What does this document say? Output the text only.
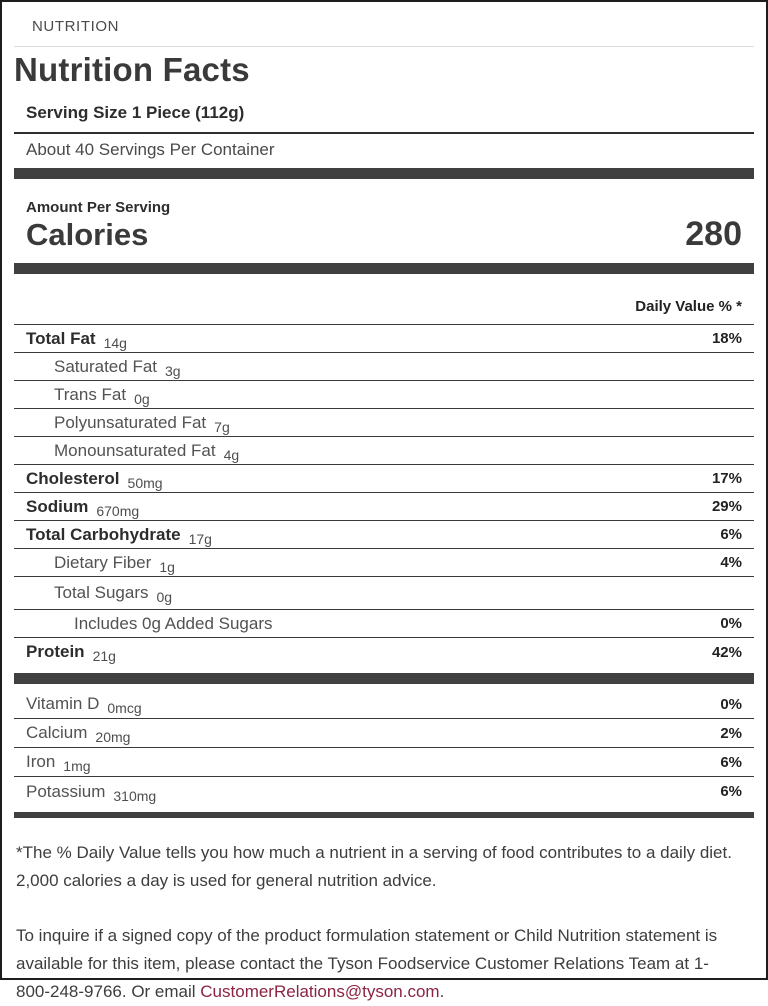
NUTRITION
Nutrition Facts
Serving Size 1 Piece (112g)
About 40 Servings Per Container
Amount Per Serving
Calories	280
Daily Value % *
Total Fat 14g	18%
Saturated Fat 3g
Trans Fat 0g
Polyunsaturated Fat 7g
Monounsaturated Fat 4g
Cholesterol 50mg	17%
Sodium 670mg	29%
Total Carbohydrate 17g	6%
Dietary Fiber 1g	4%
Total Sugars 0g
Includes 0g Added Sugars	0%
Protein 21g	42%
Vitamin D 0mcg	0%
Calcium 20mg	2%
Iron 1mg	6%
Potassium 310mg	6%

*The % Daily Value tells you how much a nutrient in a serving of food contributes to a daily diet. 2,000 calories a day is used for general nutrition advice.

To inquire if a signed copy of the product formulation statement or Child Nutrition statement is available for this item, please contact the Tyson Foodservice Customer Relations Team at 1-800-248-9766. Or email CustomerRelations@tyson.com.
